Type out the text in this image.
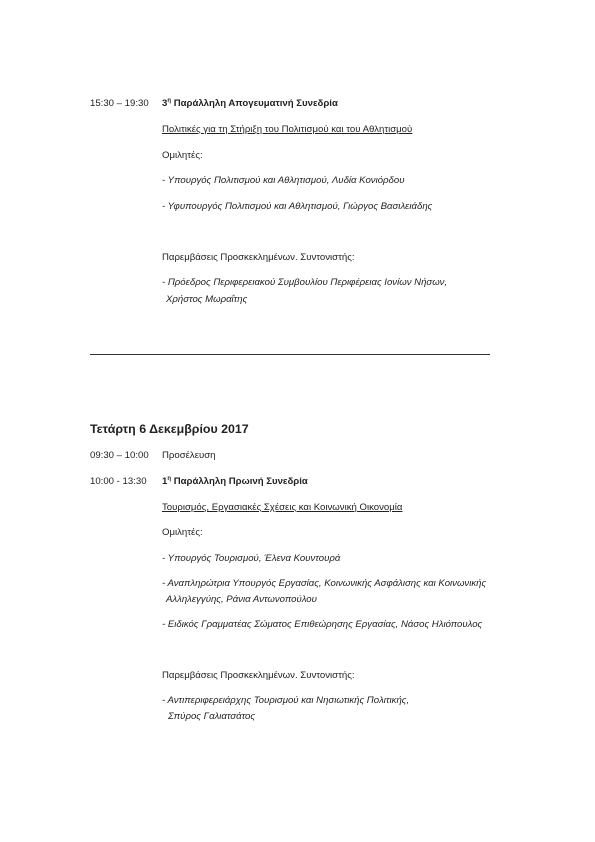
15:30 – 19:30 $3^\eta$ Παράλληλη Απογευματινή Συνεδρία
Πολιτικές για τη Στήριξη του Πολιτισμού και του Αθλητισμού
Ομιλητές:
- Υπουργός Πολιτισμού και Αθλητισμού, Λυδία Κονιόρδου
- Υφυπουργός Πολιτισμού και Αθλητισμού, Γιώργος Βασιλειάδης
Παρεμβάσεις Προσκεκλημένων. Συντονιστής:
- Πρόεδρος Περιφερειακού Συμβουλίου Περιφέρειας Ιονίων Νήσων,
Χρήστος Μωραΐτης
Τετάρτη 6 Δεκεμβρίου 2017
09:30 – 10:00 Προσέλευση
10:00 - 13:30 $1^\eta$ Παράλληλη Πρωινή Συνεδρία
Τουρισμός, Εργασιακές Σχέσεις και Κοινωνική Οικονομία
Ομιλητές:
- Υπουργός Τουρισμού, Έλενα Κουντουρά
- Αναπληρώτρια Υπουργός Εργασίας, Κοινωνικής Ασφάλισης και Κοινωνικής
Αλληλεγγύης, Ράνια Αντωνοπούλου
- Ειδικός Γραμματέας Σώματος Επιθεώρησης Εργασίας, Νάσος Ηλιόπουλος
Παρεμβάσεις Προσκεκλημένων. Συντονιστής:
- Αντιπεριφερειάρχης Τουρισμού και Νησιωτικής Πολιτικής,
Σπύρος Γαλιατσάτος
